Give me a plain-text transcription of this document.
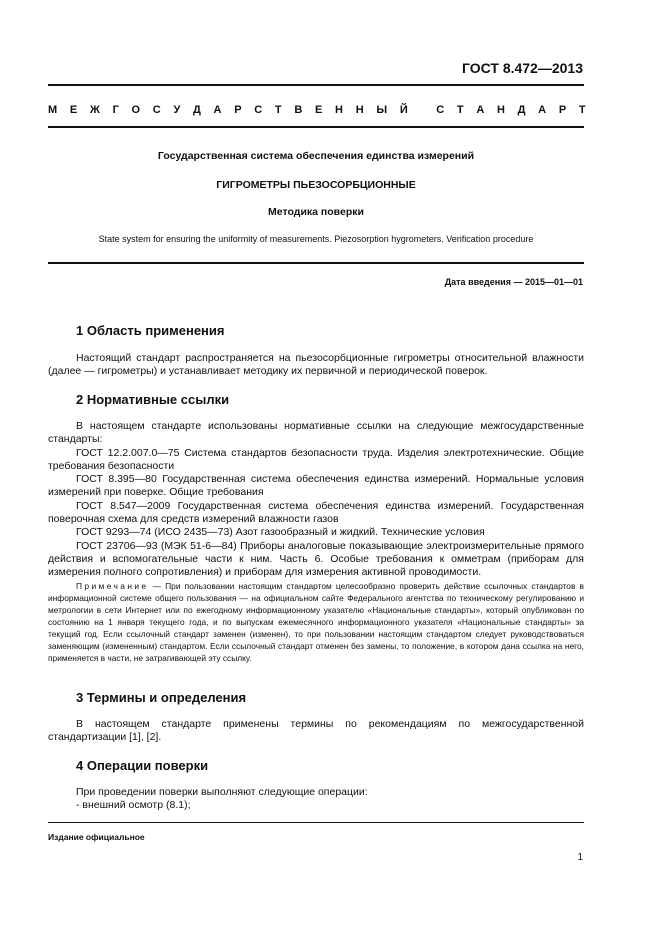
ГОСТ 8.472—2013
М Е Ж Г О С У Д А Р С Т В Е Н Н Ы Й
	С Т А Н Д А Р Т
Государственная система обеспечения единства измерений
ГИГРОМЕТРЫ ПЬЕЗОСОРБЦИОННЫЕ
Методика поверки
State system for ensuring the uniformity of measurements. Piezosorption hygrometers. Verification procedure
Дата введения — 2015—01—01
1 Область применения
Настоящий стандарт распространяется на пьезосорбционные гигрометры относительной влажности (далее — гигрометры) и устанавливает методику их первичной и периодической поверок.
2 Нормативные ссылки
В настоящем стандарте использованы нормативные ссылки на следующие межгосударственные стандарты:
ГОСТ 12.2.007.0—75 Система стандартов безопасности труда. Изделия электротехнические. Общие требования безопасности
ГОСТ 8.395—80 Государственная система обеспечения единства измерений. Нормальные условия измерений при поверке. Общие требования
ГОСТ 8.547—2009 Государственная система обеспечения единства измерений. Государственная поверочная схема для средств измерений влажности газов
ГОСТ 9293—74 (ИСО 2435—73) Азот газообразный и жидкий. Технические условия
ГОСТ 23706—93 (МЭК 51-6—84) Приборы аналоговые показывающие электроизмерительные прямого действия и вспомогательные части к ним. Часть 6. Особые требования к омметрам (приборам для измерения полного сопротивления) и приборам для измерения активной проводимости.
Примечание — При пользовании настоящим стандартом целесообразно проверить действие ссылочных стандартов в информационной системе общего пользования — на официальном сайте Федерального агентства по техническому регулированию и метрологии в сети Интернет или по ежегодному информационному указателю «Национальные стандарты», который опубликован по состоянию на 1 января текущего года, и по выпускам ежемесячного информационного указателя «Национальные стандарты» за текущий год. Если ссылочный стандарт заменен (изменен), то при пользовании настоящим стандартом следует руководствоваться заменяющим (измененным) стандартом. Если ссылочный стандарт отменен без замены, то положение, в котором дана ссылка на него, применяется в части, не затрагивающей эту ссылку.
3 Термины и определения
В настоящем стандарте применены термины по рекомендациям по межгосударственной стандартизации [1], [2].
4 Операции поверки
При проведении поверки выполняют следующие операции:
- внешний осмотр (8.1);
Издание официальное
1
